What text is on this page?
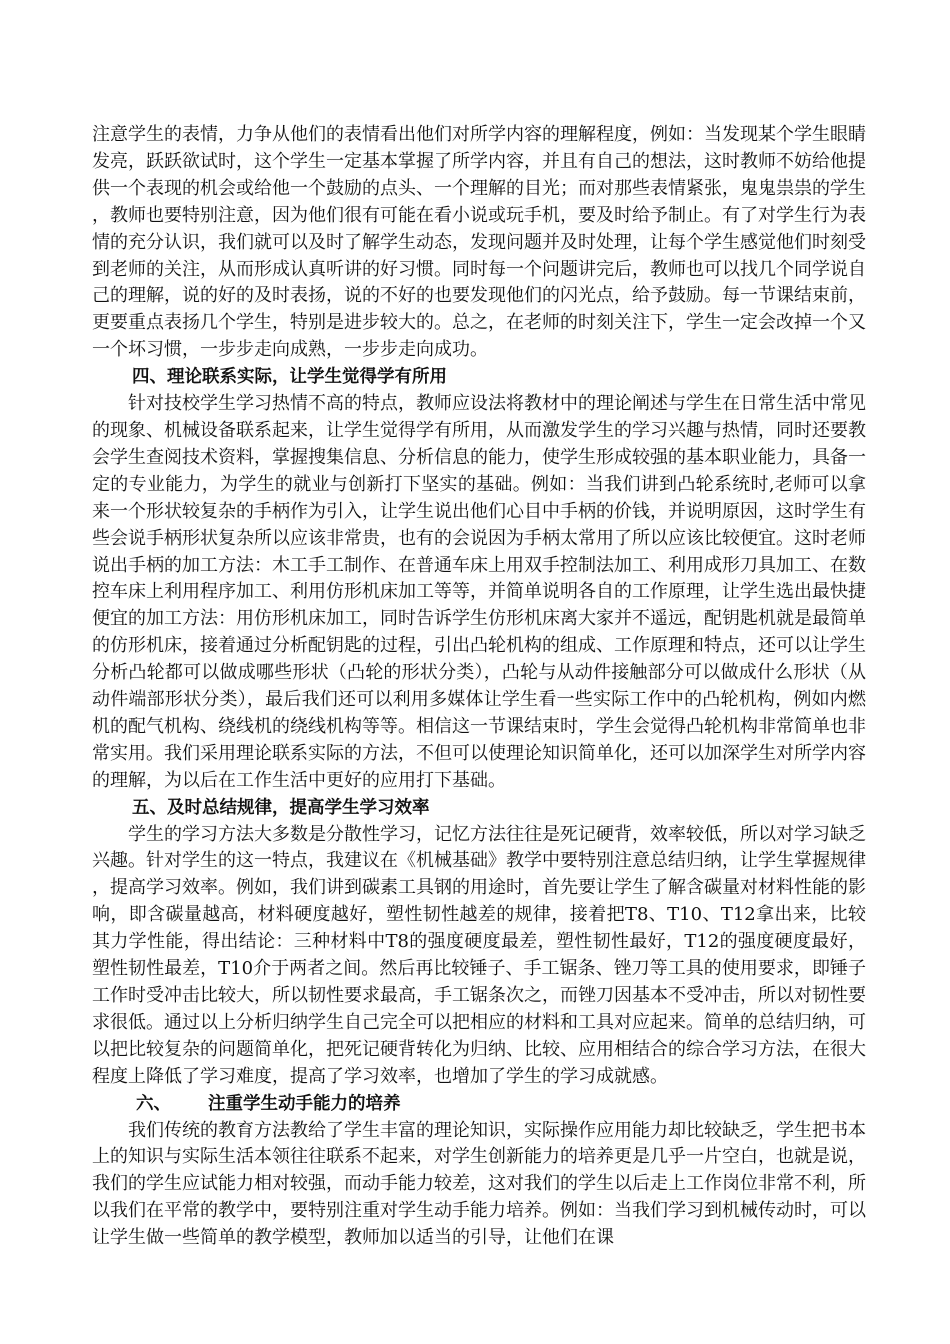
注意学生的表情，力争从他们的表情看出他们对所学内容的理解程度，例如：当发现某个学生眼睛发亮，跃跃欲试时，这个学生一定基本掌握了所学内容，并且有自己的想法，这时教师不妨给他提供一个表现的机会或给他一个鼓励的点头、一个理解的目光；而对那些表情紧张，鬼鬼祟祟的学生，教师也要特别注意，因为他们很有可能在看小说或玩手机，要及时给予制止。有了对学生行为表情的充分认识，我们就可以及时了解学生动态，发现问题并及时处理，让每个学生感觉他们时刻受到老师的关注，从而形成认真听讲的好习惯。同时每一个问题讲完后，教师也可以找几个同学说自己的理解，说的好的及时表扬，说的不好的也要发现他们的闪光点，给予鼓励。每一节课结束前，更要重点表扬几个学生，特别是进步较大的。总之，在老师的时刻关注下，学生一定会改掉一个又一个坏习惯，一步步走向成熟，一步步走向成功。

四、理论联系实际，让学生觉得学有所用

针对技校学生学习热情不高的特点，教师应设法将教材中的理论阐述与学生在日常生活中常见的现象、机械设备联系起来，让学生觉得学有所用，从而激发学生的学习兴趣与热情，同时还要教会学生查阅技术资料，掌握搜集信息、分析信息的能力，使学生形成较强的基本职业能力，具备一定的专业能力，为学生的就业与创新打下坚实的基础。例如：当我们讲到凸轮系统时,老师可以拿来一个形状较复杂的手柄作为引入，让学生说出他们心目中手柄的价钱，并说明原因，这时学生有些会说手柄形状复杂所以应该非常贵，也有的会说因为手柄太常用了所以应该比较便宜。这时老师说出手柄的加工方法：木工手工制作、在普通车床上用双手控制法加工、利用成形刀具加工、在数控车床上利用程序加工、利用仿形机床加工等等，并简单说明各自的工作原理，让学生选出最快捷便宜的加工方法：用仿形机床加工，同时告诉学生仿形机床离大家并不遥远，配钥匙机就是最简单的仿形机床，接着通过分析配钥匙的过程，引出凸轮机构的组成、工作原理和特点，还可以让学生分析凸轮都可以做成哪些形状（凸轮的形状分类），凸轮与从动件接触部分可以做成什么形状（从动件端部形状分类），最后我们还可以利用多媒体让学生看一些实际工作中的凸轮机构，例如内燃机的配气机构、绕线机的绕线机构等等。相信这一节课结束时，学生会觉得凸轮机构非常简单也非常实用。我们采用理论联系实际的方法，不但可以使理论知识简单化，还可以加深学生对所学内容的理解，为以后在工作生活中更好的应用打下基础。

五、及时总结规律，提高学生学习效率

学生的学习方法大多数是分散性学习，记忆方法往往是死记硬背，效率较低，所以对学习缺乏兴趣。针对学生的这一特点，我建议在《机械基础》教学中要特别注意总结归纳，让学生掌握规律，提高学习效率。例如，我们讲到碳素工具钢的用途时，首先要让学生了解含碳量对材料性能的影响，即含碳量越高，材料硬度越好，塑性韧性越差的规律，接着把T8、T10、T12拿出来，比较其力学性能，得出结论：三种材料中T8的强度硬度最差，塑性韧性最好，T12的强度硬度最好，塑性韧性最差，T10介于两者之间。然后再比较锤子、手工锯条、锉刀等工具的使用要求，即锤子工作时受冲击比较大，所以韧性要求最高，手工锯条次之，而锉刀因基本不受冲击，所以对韧性要求很低。通过以上分析归纳学生自己完全可以把相应的材料和工具对应起来。简单的总结归纳，可以把比较复杂的问题简单化，把死记硬背转化为归纳、比较、应用相结合的综合学习方法，在很大程度上降低了学习难度，提高了学习效率，也增加了学生的学习成就感。

六、 注重学生动手能力的培养

我们传统的教育方法教给了学生丰富的理论知识，实际操作应用能力却比较缺乏，学生把书本上的知识与实际生活本领往往联系不起来，对学生创新能力的培养更是几乎一片空白，也就是说，我们的学生应试能力相对较强，而动手能力较差，这对我们的学生以后走上工作岗位非常不利，所以我们在平常的教学中，要特别注重对学生动手能力培养。例如：当我们学习到机械传动时，可以让学生做一些简单的教学模型，教师加以适当的引导，让他们在课
